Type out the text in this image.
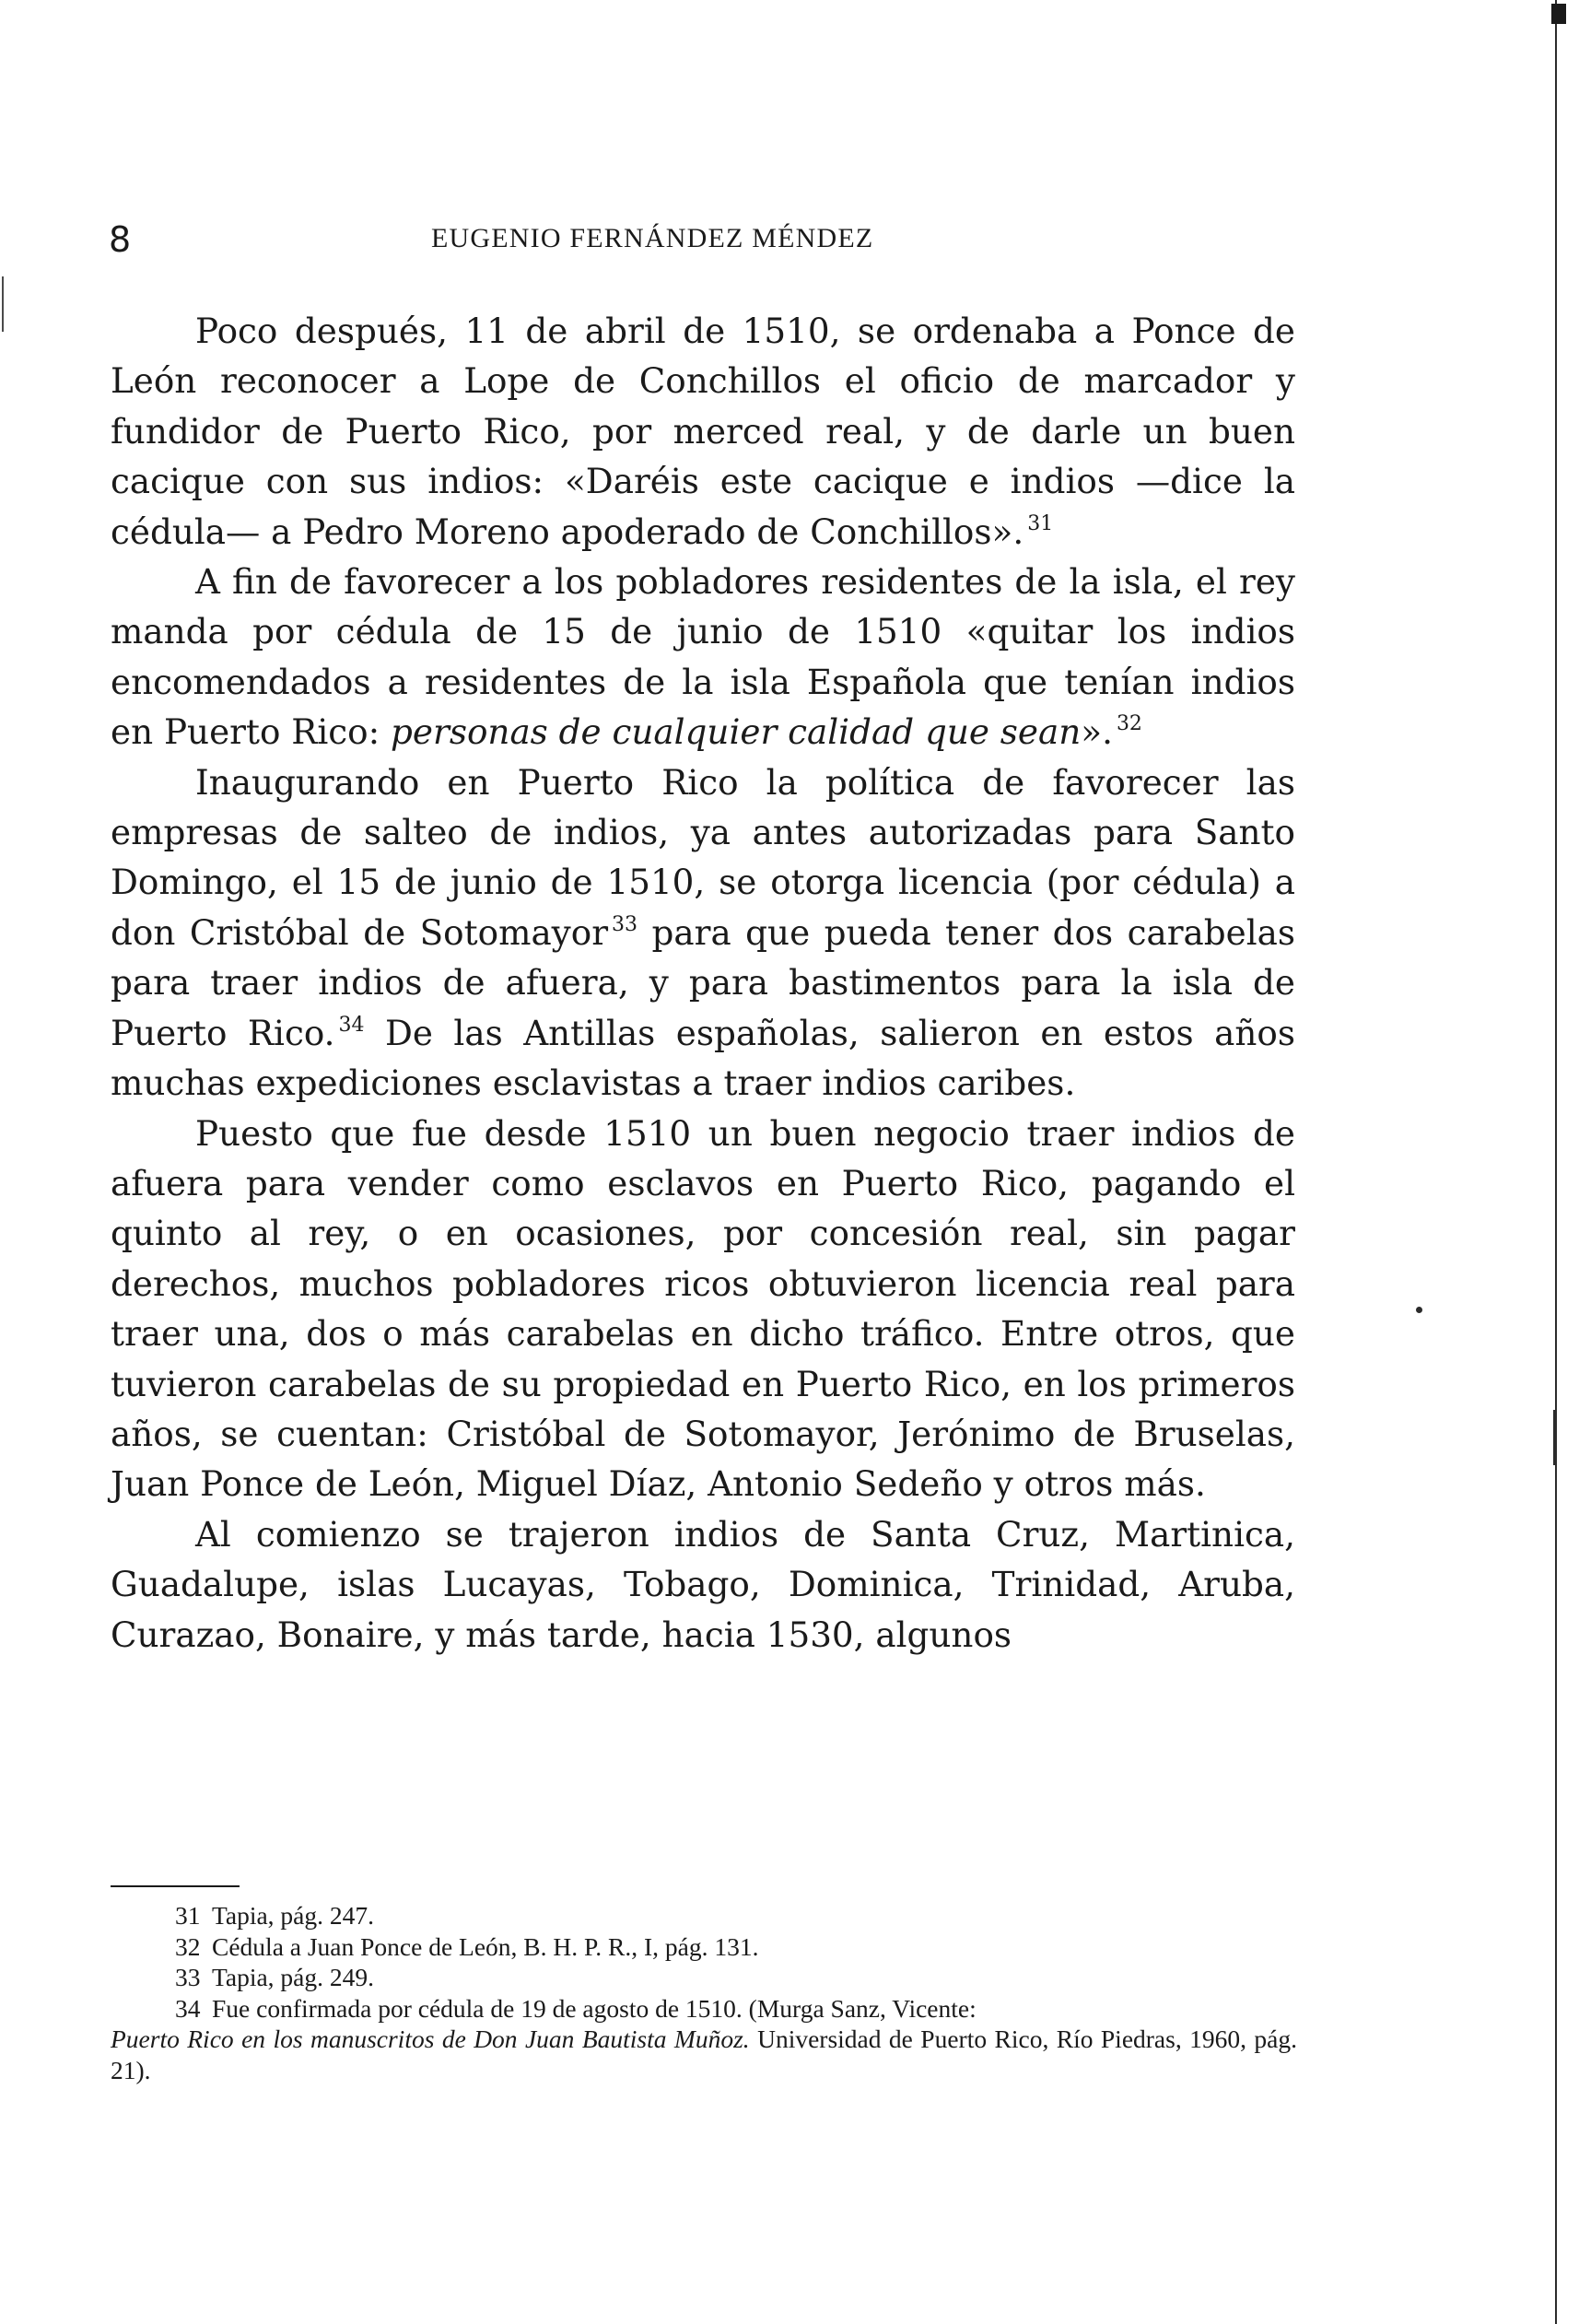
8	EUGENIO FERNÁNDEZ MÉNDEZ

Poco después, 11 de abril de 1510, se ordenaba a Ponce de León reconocer a Lope de Conchillos el oficio de marcador y fundidor de Puerto Rico, por merced real, y de darle un buen cacique con sus indios: «Daréis este cacique e indios —dice la cédula— a Pedro Moreno apoderado de Conchillos». $^{31}$

A fin de favorecer a los pobladores residentes de la isla, el rey manda por cédula de 15 de junio de 1510 «quitar los indios encomendados a residentes de la isla Española que tenían indios en Puerto Rico: personas de cualquier calidad que sean». $^{32}$

Inaugurando en Puerto Rico la política de favorecer las empresas de salteo de indios, ya antes autorizadas para Santo Domingo, el 15 de junio de 1510, se otorga licencia (por cédula) a don Cristóbal de Sotomayor $^{33}$ para que pueda tener dos carabelas para traer indios de afuera, y para bastimentos para la isla de Puerto Rico. $^{34}$ De las Antillas españolas, salieron en estos años muchas expediciones esclavistas a traer indios caribes.

Puesto que fue desde 1510 un buen negocio traer indios de afuera para vender como esclavos en Puerto Rico, pagando el quinto al rey, o en ocasiones, por concesión real, sin pagar derechos, muchos pobladores ricos obtuvieron licencia real para traer una, dos o más carabelas en dicho tráfico. Entre otros, que tuvieron carabelas de su propiedad en Puerto Rico, en los primeros años, se cuentan: Cristóbal de Sotomayor, Jerónimo de Bruselas, Juan Ponce de León, Miguel Díaz, Antonio Sedeño y otros más.

Al comienzo se trajeron indios de Santa Cruz, Martinica, Guadalupe, islas Lucayas, Tobago, Dominica, Trinidad, Aruba, Curazao, Bonaire, y más tarde, hacia 1530, algunos

31 Tapia, pág. 247.

32 Cédula a Juan Ponce de León, B. H. P. R., I, pág. 131.

33 Tapia, pág. 249.

34 Fue confirmada por cédula de 19 de agosto de 1510. (Murga Sanz, Vicente:

Puerto Rico en los manuscritos de Don Juan Bautista Muñoz. Universidad de Puerto Rico, Río Piedras, 1960, pág. 21).
